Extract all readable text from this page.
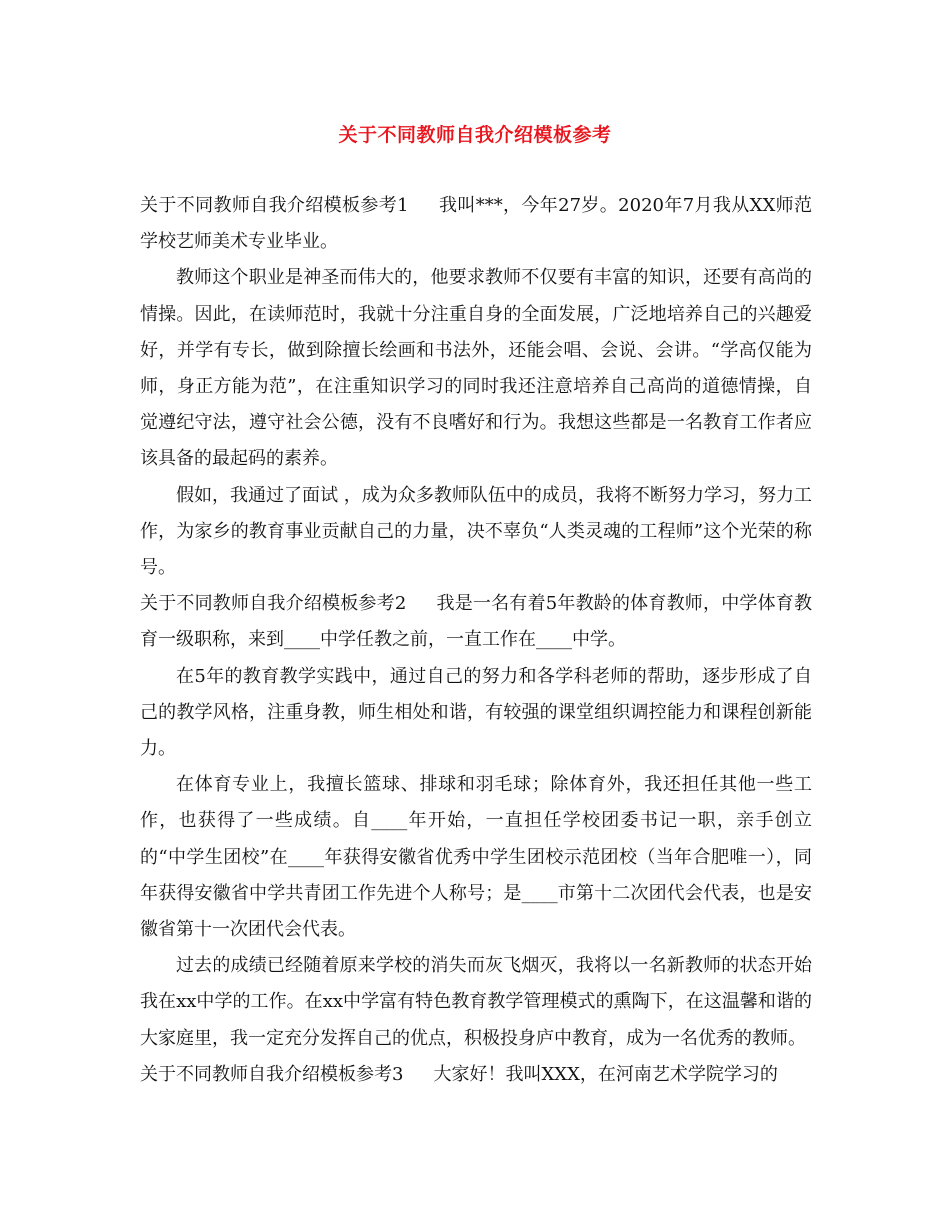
关于不同教师自我介绍模板参考

关于不同教师自我介绍模板参考1 我叫***，今年27岁。2020年7月我从XX师范学校艺师美术专业毕业。

教师这个职业是神圣而伟大的，他要求教师不仅要有丰富的知识，还要有高尚的情操。因此，在读师范时，我就十分注重自身的全面发展，广泛地培养自己的兴趣爱好，并学有专长，做到除擅长绘画和书法外，还能会唱、会说、会讲。“学高仅能为师，身正方能为范”，在注重知识学习的同时我还注意培养自己高尚的道德情操，自觉遵纪守法，遵守社会公德，没有不良嗜好和行为。我想这些都是一名教育工作者应该具备的最起码的素养。

假如，我通过了面试 ，成为众多教师队伍中的成员，我将不断努力学习，努力工作，为家乡的教育事业贡献自己的力量，决不辜负“人类灵魂的工程师”这个光荣的称号。

关于不同教师自我介绍模板参考2 我是一名有着5年教龄的体育教师，中学体育教育一级职称，来到____中学任教之前，一直工作在____中学。

在5年的教育教学实践中，通过自己的努力和各学科老师的帮助，逐步形成了自己的教学风格，注重身教，师生相处和谐，有较强的课堂组织调控能力和课程创新能力。

在体育专业上，我擅长篮球、排球和羽毛球；除体育外，我还担任其他一些工作，也获得了一些成绩。自____年开始，一直担任学校团委书记一职，亲手创立的“中学生团校”在____年获得安徽省优秀中学生团校示范团校（当年合肥唯一），同年获得安徽省中学共青团工作先进个人称号；是____市第十二次团代会代表，也是安徽省第十一次团代会代表。

过去的成绩已经随着原来学校的消失而灰飞烟灭，我将以一名新教师的状态开始我在xx中学的工作。在xx中学富有特色教育教学管理模式的熏陶下，在这温馨和谐的大家庭里，我一定充分发挥自己的优点，积极投身庐中教育，成为一名优秀的教师。

关于不同教师自我介绍模板参考3 大家好！我叫XXX，在河南艺术学院学习的
